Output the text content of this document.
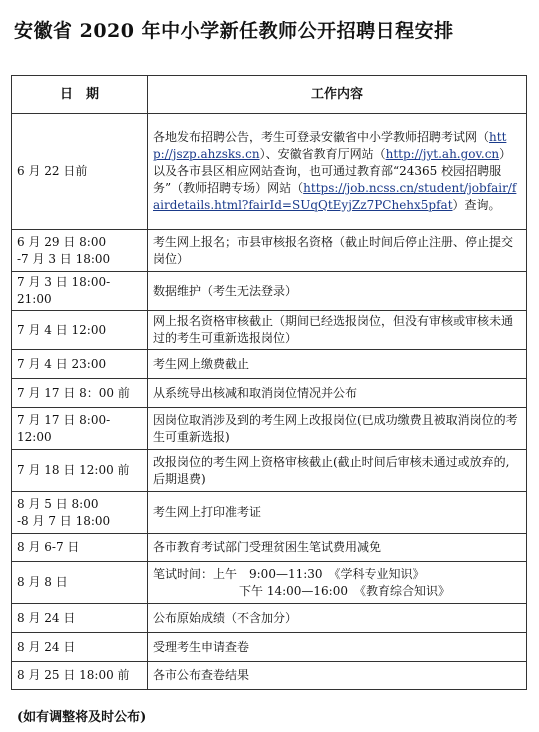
安徽省 2020 年中小学新任教师公开招聘日程安排
日　期	工作内容
6 月 22 日前	各地发布招聘公告，考生可登录安徽省中小学教师招聘考试网（http://jszp.ahzsks.cn）、安徽省教育厅网站（http://jyt.ah.gov.cn）以及各市县区相应网站查询，也可通过教育部“24365 校园招聘服务”（教师招聘专场）网站（https://job.ncss.cn/student/jobfair/fairdetails.html?fairId=SUqQtEyjZz7PChehx5pfat）查询。

6 月 29 日 8:00
-7 月 3 日 18:00	考生网上报名；市县审核报名资格（截止时间后停止注册、停止提交岗位）
7 月 3 日 18:00-21:00	数据维护（考生无法登录）
7 月 4 日 12:00	网上报名资格审核截止（期间已经选报岗位，但没有审核或审核未通过的考生可重新选报岗位）
7 月 4 日 23:00	考生网上缴费截止
7 月 17 日 8：00 前	从系统导出核减和取消岗位情况并公布
7 月 17 日 8:00-12:00	因岗位取消涉及到的考生网上改报岗位(已成功缴费且被取消岗位的考生可重新选报)
7 月 18 日 12:00 前	改报岗位的考生网上资格审核截止(截止时间后审核未通过或放弃的,后期退费)

8 月 5 日 8:00
-8 月 7 日 18:00	考生网上打印准考证
8 月 6-7 日	各市教育考试部门受理贫困生笔试费用减免
8 月 8 日	笔试时间：上午　9:00—11:30　《学科专业知识》
下午 14:00—16:00　《教育综合知识》

8 月 24 日	公布原始成绩（不含加分）
8 月 24 日	受理考生申请查卷
8 月 25 日 18:00 前	各市公布查卷结果
(如有调整将及时公布)
